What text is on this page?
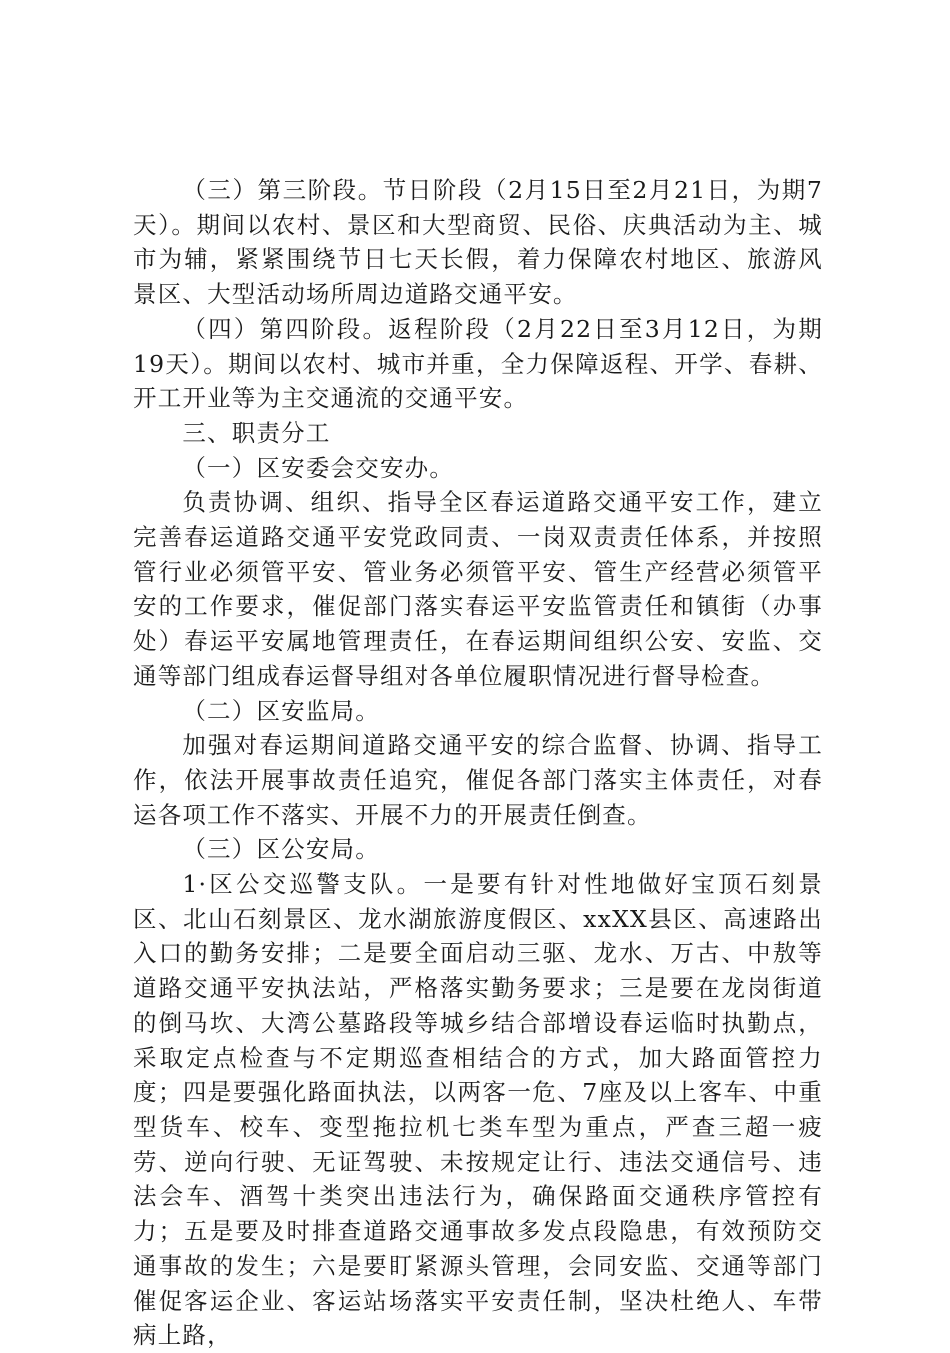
（三）第三阶段。节日阶段（2月15日至2月21日，为期7天）。期间以农村、景区和大型商贸、民俗、庆典活动为主、城市为辅，紧紧围绕节日七天长假，着力保障农村地区、旅游风景区、大型活动场所周边道路交通平安。

（四）第四阶段。返程阶段（2月22日至3月12日，为期19天）。期间以农村、城市并重，全力保障返程、开学、春耕、开工开业等为主交通流的交通平安。

三、职责分工

（一）区安委会交安办。

负责协调、组织、指导全区春运道路交通平安工作，建立完善春运道路交通平安党政同责、一岗双责责任体系，并按照管行业必须管平安、管业务必须管平安、管生产经营必须管平安的工作要求，催促部门落实春运平安监管责任和镇街（办事处）春运平安属地管理责任，在春运期间组织公安、安监、交通等部门组成春运督导组对各单位履职情况进行督导检查。

（二）区安监局。

加强对春运期间道路交通平安的综合监督、协调、指导工作，依法开展事故责任追究，催促各部门落实主体责任，对春运各项工作不落实、开展不力的开展责任倒查。

（三）区公安局。

1·区公交巡警支队。一是要有针对性地做好宝顶石刻景区、北山石刻景区、龙水湖旅游度假区、xxXX县区、高速路出入口的勤务安排；二是要全面启动三驱、龙水、万古、中敖等道路交通平安执法站，严格落实勤务要求；三是要在龙岗街道的倒马坎、大湾公墓路段等城乡结合部增设春运临时执勤点，采取定点检查与不定期巡查相结合的方式，加大路面管控力度；四是要强化路面执法，以两客一危、7座及以上客车、中重型货车、校车、变型拖拉机七类车型为重点，严查三超一疲劳、逆向行驶、无证驾驶、未按规定让行、违法交通信号、违法会车、酒驾十类突出违法行为，确保路面交通秩序管控有力；五是要及时排查道路交通事故多发点段隐患，有效预防交通事故的发生；六是要盯紧源头管理，会同安监、交通等部门催促客运企业、客运站场落实平安责任制，坚决杜绝人、车带病上路，
